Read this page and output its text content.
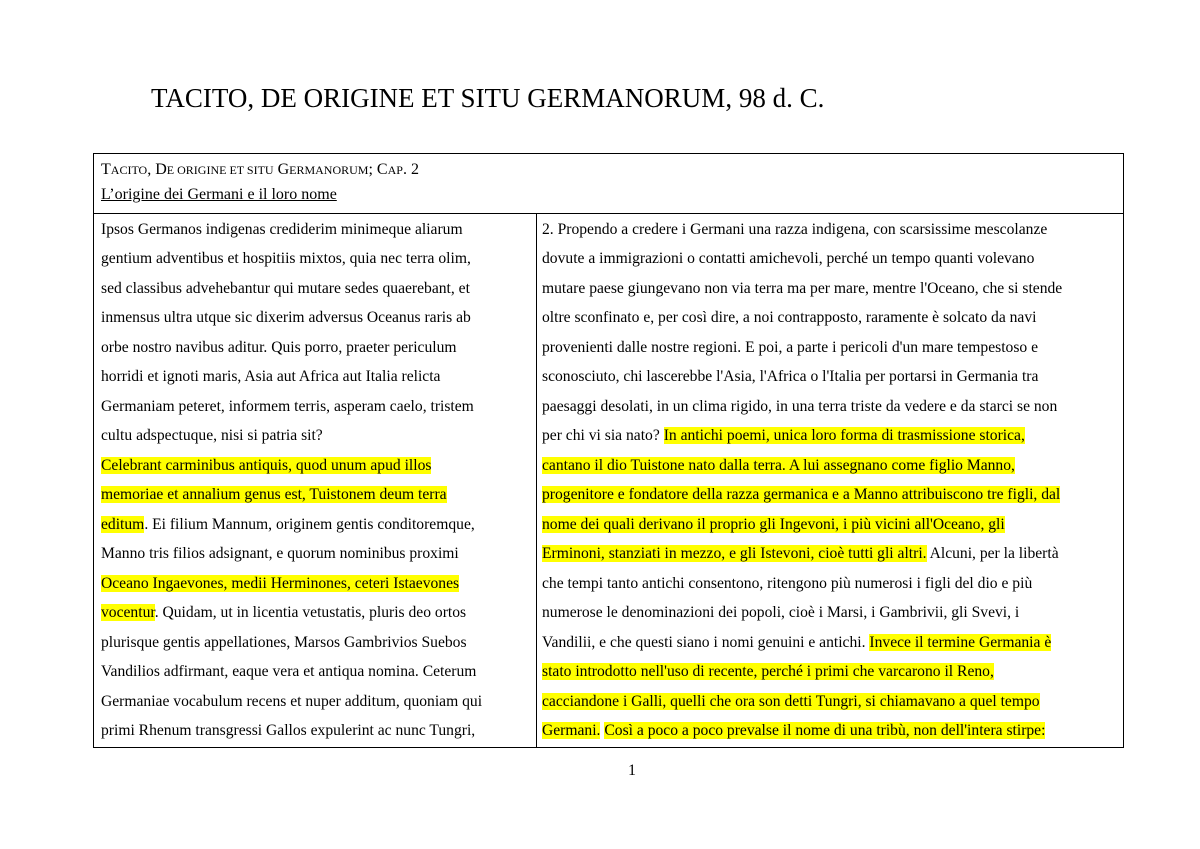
TACITO, DE ORIGINE ET SITU GERMANORUM, 98 d. C.
TACITO, DE ORIGINE ET SITU GERMANORUM; CAP. 2
L’origine dei Germani e il loro nome
Ipsos Germanos indigenas crediderim minimeque aliarum
gentium adventibus et hospitiis mixtos, quia nec terra olim,
sed classibus advehebantur qui mutare sedes quaerebant, et
inmensus ultra utque sic dixerim adversus Oceanus raris ab
orbe nostro navibus aditur. Quis porro, praeter periculum
horridi et ignoti maris, Asia aut Africa aut Italia relicta
Germaniam peteret, informem terris, asperam caelo, tristem
cultu adspectuque, nisi si patria sit?
Celebrant carminibus antiquis, quod unum apud illos
memoriae et annalium genus est, Tuistonem deum terra
editum. Ei filium Mannum, originem gentis conditoremque,
Manno tris filios adsignant, e quorum nominibus proximi
Oceano Ingaevones, medii Herminones, ceteri Istaevones
vocentur. Quidam, ut in licentia vetustatis, pluris deo ortos
plurisque gentis appellationes, Marsos Gambrivios Suebos
Vandilios adfirmant, eaque vera et antiqua nomina. Ceterum
Germaniae vocabulum recens et nuper additum, quoniam qui
primi Rhenum transgressi Gallos expulerint ac nunc Tungri,
2. Propendo a credere i Germani una razza indigena, con scarsissime mescolanze
dovute a immigrazioni o contatti amichevoli, perché un tempo quanti volevano
mutare paese giungevano non via terra ma per mare, mentre l'Oceano, che si stende
oltre sconfinato e, per così dire, a noi contrapposto, raramente è solcato da navi
provenienti dalle nostre regioni. E poi, a parte i pericoli d'un mare tempestoso e
sconosciuto, chi lascerebbe l'Asia, l'Africa o l'Italia per portarsi in Germania tra
paesaggi desolati, in un clima rigido, in una terra triste da vedere e da starci se non
per chi vi sia nato? In antichi poemi, unica loro forma di trasmissione storica,
cantano il dio Tuistone nato dalla terra. A lui assegnano come figlio Manno,
progenitore e fondatore della razza germanica e a Manno attribuiscono tre figli, dal
nome dei quali derivano il proprio gli Ingevoni, i più vicini all'Oceano, gli
Erminoni, stanziati in mezzo, e gli Istevoni, cioè tutti gli altri. Alcuni, per la libertà
che tempi tanto antichi consentono, ritengono più numerosi i figli del dio e più
numerose le denominazioni dei popoli, cioè i Marsi, i Gambrivii, gli Svevi, i
Vandilii, e che questi siano i nomi genuini e antichi. Invece il termine Germania è
stato introdotto nell'uso di recente, perché i primi che varcarono il Reno,
cacciandone i Galli, quelli che ora son detti Tungri, si chiamavano a quel tempo
Germani. Così a poco a poco prevalse il nome di una tribù, non dell'intera stirpe:
1
